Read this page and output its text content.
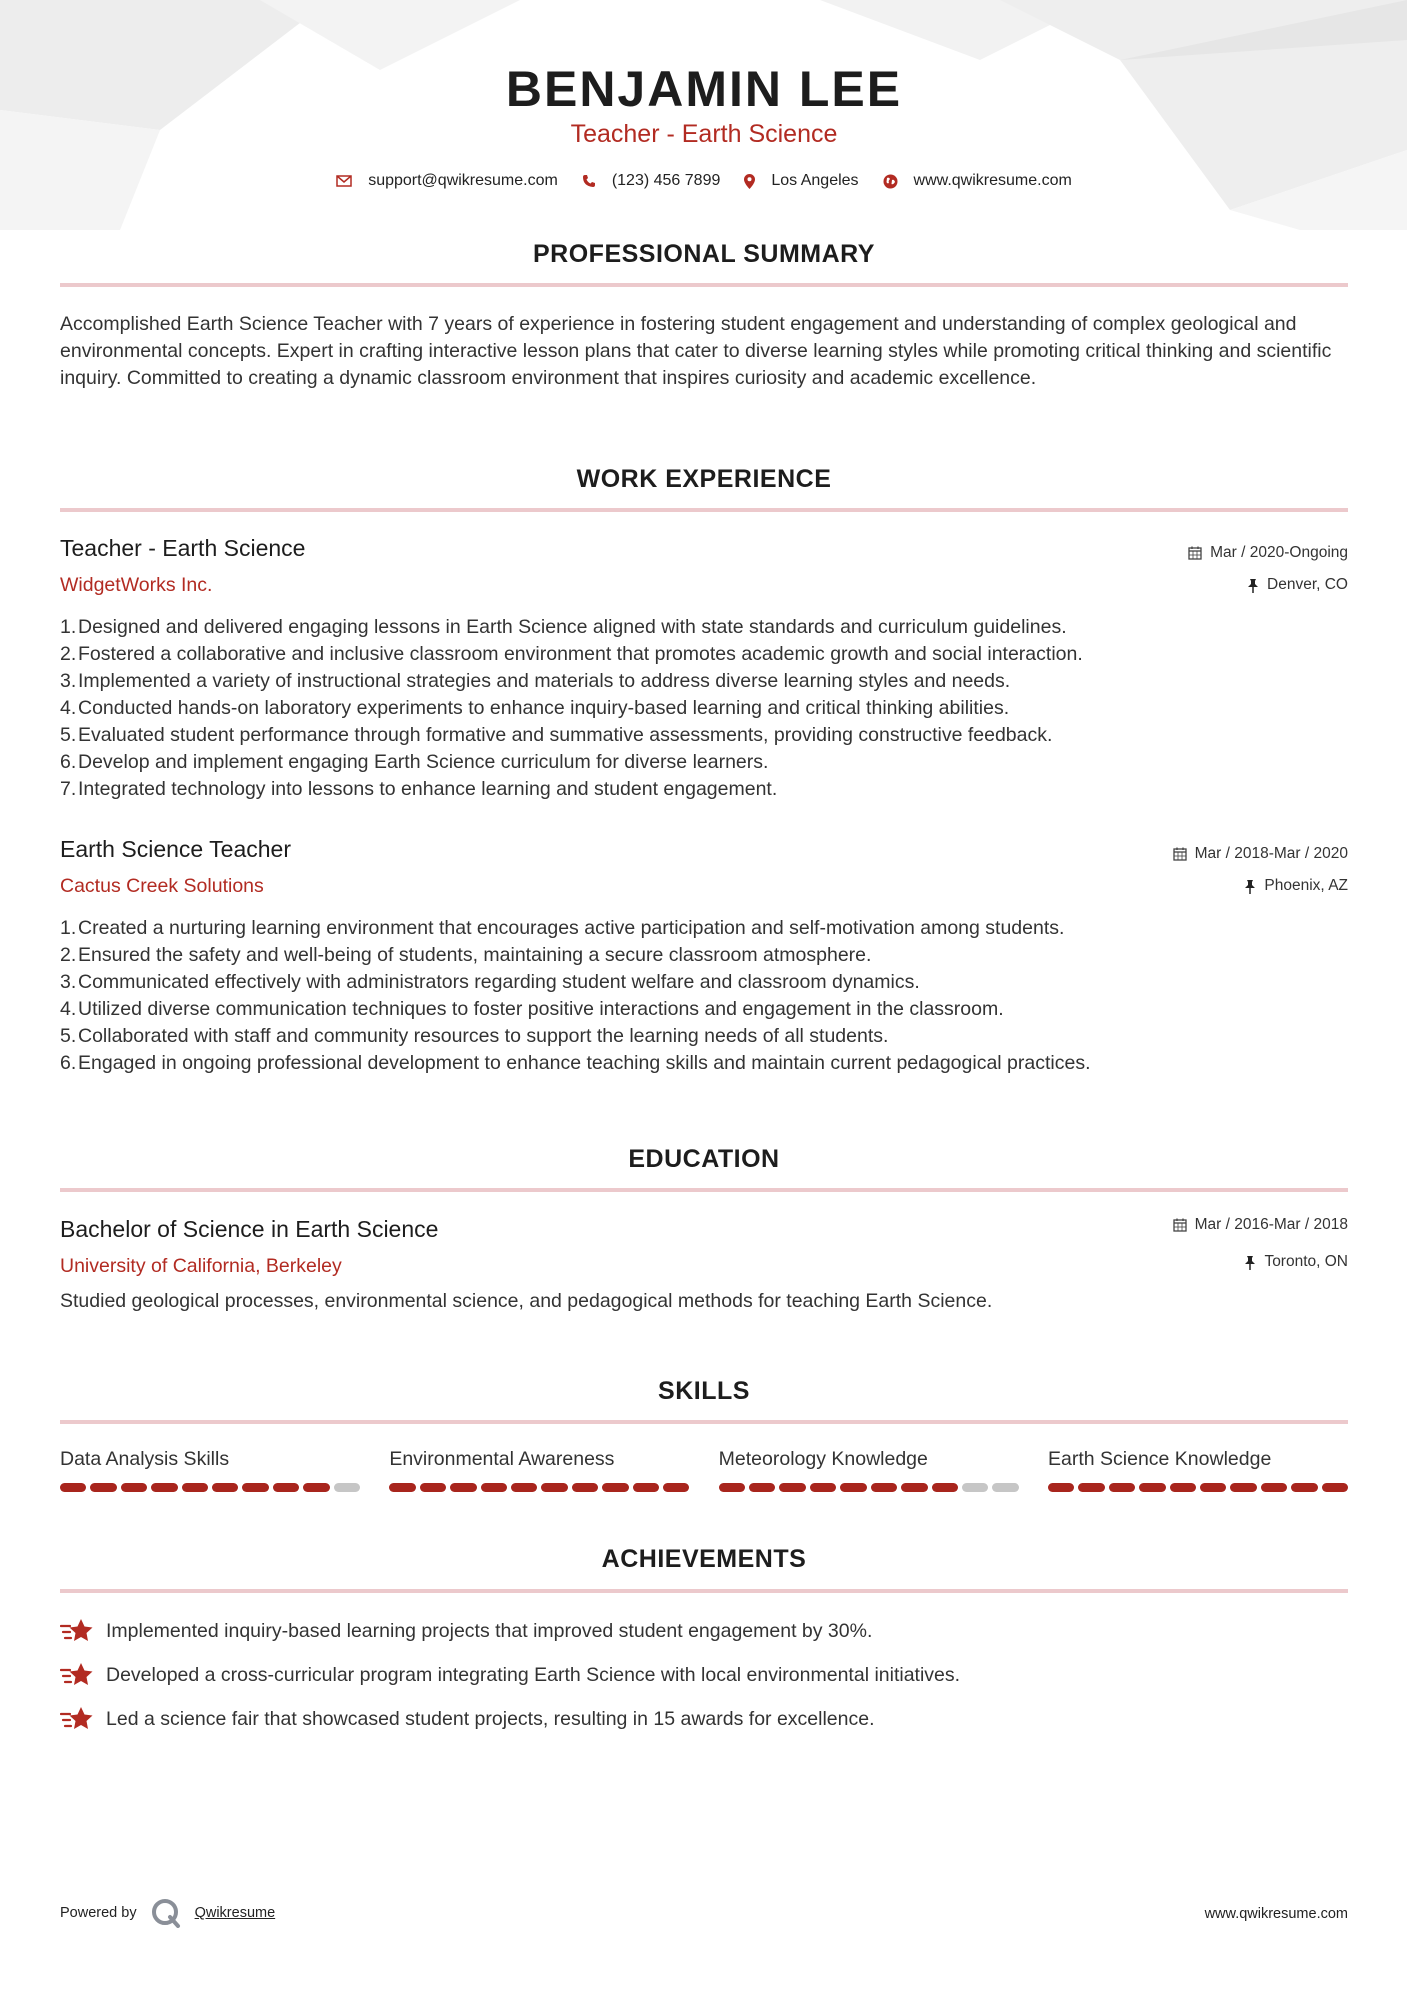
BENJAMIN LEE
Teacher - Earth Science
support@qwikresume.com	(123) 456 7899	Los Angeles	www.qwikresume.com
PROFESSIONAL SUMMARY
Accomplished Earth Science Teacher with 7 years of experience in fostering student engagement and understanding of complex geological and environmental concepts. Expert in crafting interactive lesson plans that cater to diverse learning styles while promoting critical thinking and scientific inquiry. Committed to creating a dynamic classroom environment that inspires curiosity and academic excellence.
WORK EXPERIENCE
Teacher - Earth Science	Mar / 2020-Ongoing
WidgetWorks Inc.	Denver, CO
1. Designed and delivered engaging lessons in Earth Science aligned with state standards and curriculum guidelines.
2. Fostered a collaborative and inclusive classroom environment that promotes academic growth and social interaction.
3. Implemented a variety of instructional strategies and materials to address diverse learning styles and needs.
4. Conducted hands-on laboratory experiments to enhance inquiry-based learning and critical thinking abilities.
5. Evaluated student performance through formative and summative assessments, providing constructive feedback.
6. Develop and implement engaging Earth Science curriculum for diverse learners.
7. Integrated technology into lessons to enhance learning and student engagement.
Earth Science Teacher	Mar / 2018-Mar / 2020
Cactus Creek Solutions	Phoenix, AZ
1. Created a nurturing learning environment that encourages active participation and self-motivation among students.
2. Ensured the safety and well-being of students, maintaining a secure classroom atmosphere.
3. Communicated effectively with administrators regarding student welfare and classroom dynamics.
4. Utilized diverse communication techniques to foster positive interactions and engagement in the classroom.
5. Collaborated with staff and community resources to support the learning needs of all students.
6. Engaged in ongoing professional development to enhance teaching skills and maintain current pedagogical practices.
EDUCATION
Bachelor of Science in Earth Science	Mar / 2016-Mar / 2018
University of California, Berkeley	Toronto, ON
Studied geological processes, environmental science, and pedagogical methods for teaching Earth Science.
SKILLS
Data Analysis Skills	Environmental Awareness	Meteorology Knowledge	Earth Science Knowledge
ACHIEVEMENTS
Implemented inquiry-based learning projects that improved student engagement by 30%.
Developed a cross-curricular program integrating Earth Science with local environmental initiatives.
Led a science fair that showcased student projects, resulting in 15 awards for excellence.
Powered by	Qwikresume	www.qwikresume.com
